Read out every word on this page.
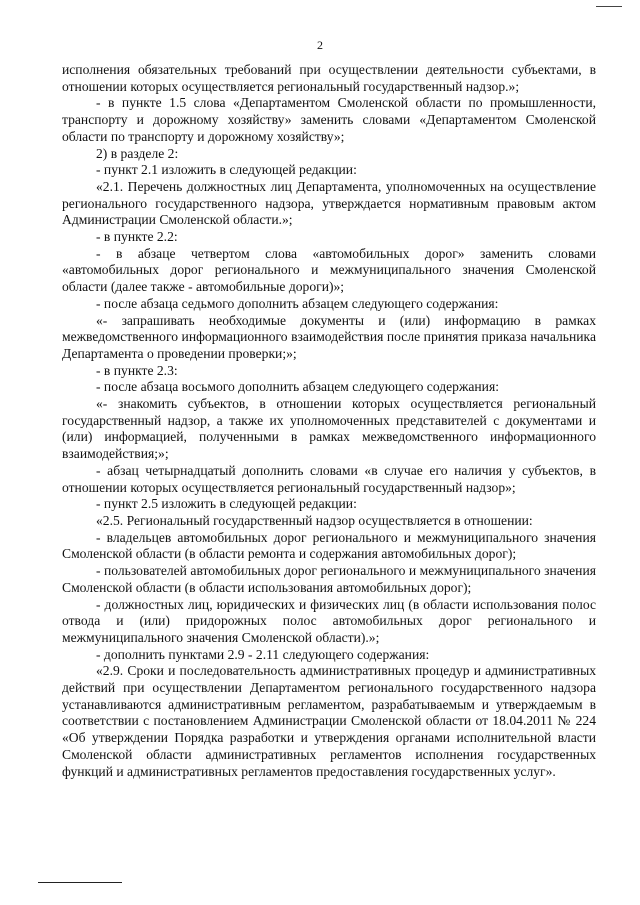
2

исполнения обязательных требований при осуществлении деятельности субъектами, в отношении которых осуществляется региональный государственный надзор.»;

- в пункте 1.5 слова «Департаментом Смоленской области по промышленности, транспорту и дорожному хозяйству» заменить словами «Департаментом Смоленской области по транспорту и дорожному хозяйству»;

2) в разделе 2:

- пункт 2.1 изложить в следующей редакции:

«2.1. Перечень должностных лиц Департамента, уполномоченных на осуществление регионального государственного надзора, утверждается нормативным правовым актом Администрации Смоленской области.»;

- в пункте 2.2:

- в абзаце четвертом слова «автомобильных дорог» заменить словами «автомобильных дорог регионального и межмуниципального значения Смоленской области (далее также - автомобильные дороги)»;

- после абзаца седьмого дополнить абзацем следующего содержания:

«- запрашивать необходимые документы и (или) информацию в рамках межведомственного информационного взаимодействия после принятия приказа начальника Департамента о проведении проверки;»;

- в пункте 2.3:

- после абзаца восьмого дополнить абзацем следующего содержания:

«- знакомить субъектов, в отношении которых осуществляется региональный государственный надзор, а также их уполномоченных представителей с документами и (или) информацией, полученными в рамках межведомственного информационного взаимодействия;»;

- абзац четырнадцатый дополнить словами «в случае его наличия у субъектов, в отношении которых осуществляется региональный государственный надзор»;

- пункт 2.5 изложить в следующей редакции:

«2.5. Региональный государственный надзор осуществляется в отношении:

- владельцев автомобильных дорог регионального и межмуниципального значения Смоленской области (в области ремонта и содержания автомобильных дорог);

- пользователей автомобильных дорог регионального и межмуниципального значения Смоленской области (в области использования автомобильных дорог);

- должностных лиц, юридических и физических лиц (в области использования полос отвода и (или) придорожных полос автомобильных дорог регионального и межмуниципального значения Смоленской области).»;

- дополнить пунктами 2.9 - 2.11 следующего содержания:

«2.9. Сроки и последовательность административных процедур и административных действий при осуществлении Департаментом регионального государственного надзора устанавливаются административным регламентом, разрабатываемым и утверждаемым в соответствии с постановлением Администрации Смоленской области от 18.04.2011 № 224 «Об утверждении Порядка разработки и утверждения органами исполнительной власти Смоленской области административных регламентов исполнения государственных функций и административных регламентов предоставления государственных услуг».
